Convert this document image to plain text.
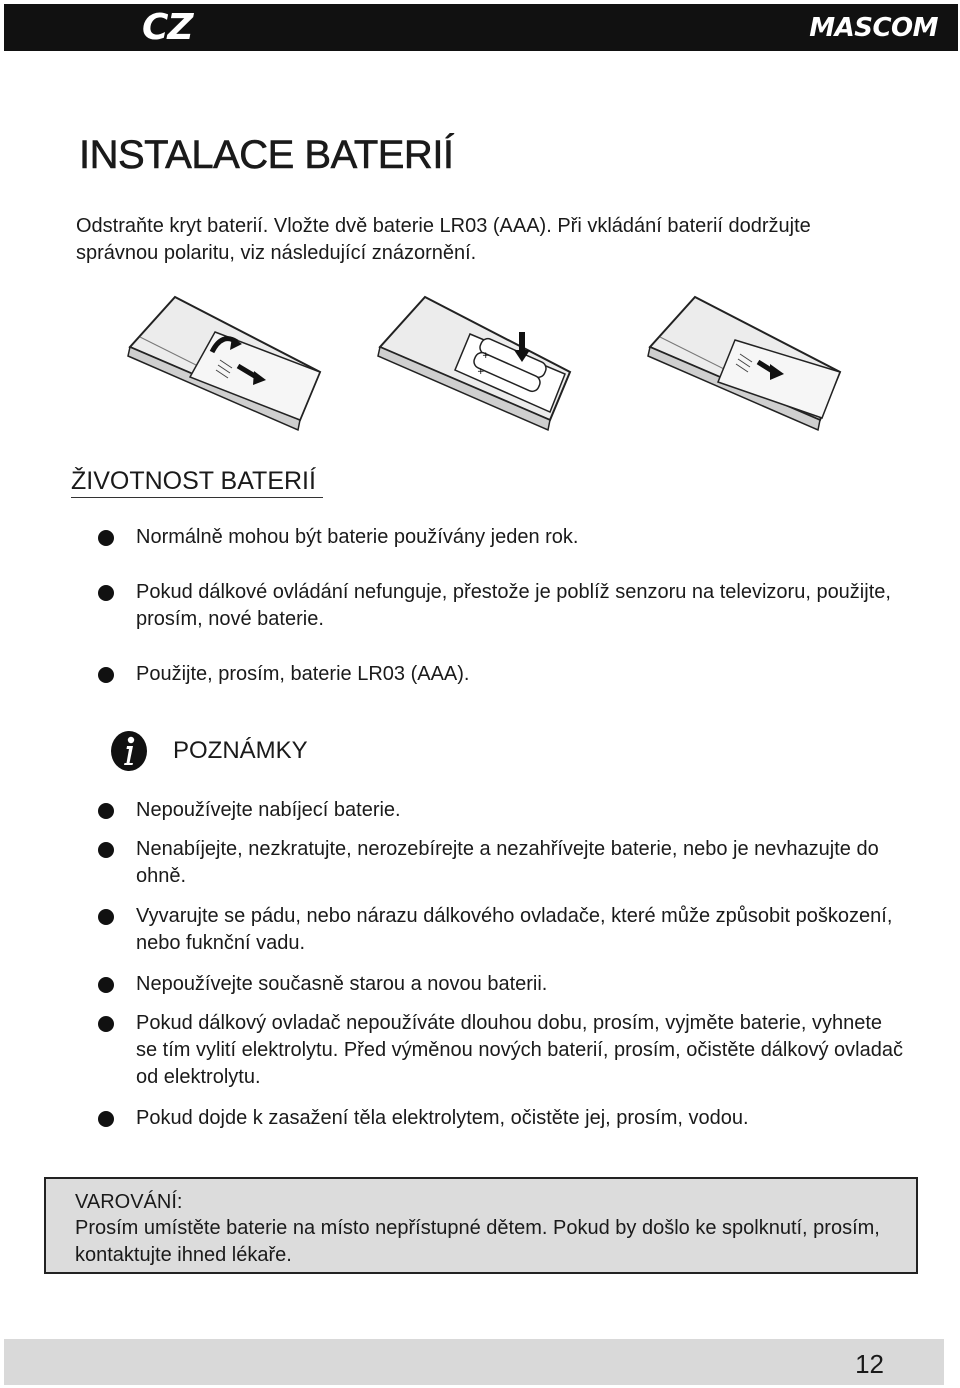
CZ	MASCOM
INSTALACE BATERIÍ
Odstraňte kryt baterií. Vložte dvě baterie LR03 (AAA). Při vkládání baterií dodržujte správnou polaritu, viz následující znázornění.
+
+
ŽIVOTNOST BATERIÍ
Normálně mohou být baterie používány jeden rok.
Pokud dálkové ovládání nefunguje, přestože je poblíž senzoru na televizoru, použijte, prosím, nové baterie.
Použijte, prosím, baterie LR03 (AAA).
POZNÁMKY
Nepoužívejte nabíjecí baterie.
Nenabíjejte, nezkratujte, nerozebírejte a nezahřívejte baterie, nebo je nevhazujte do ohně.
Vyvarujte se pádu, nebo nárazu dálkového ovladače, které může způsobit poškození, nebo fuknční vadu.
Nepoužívejte současně starou a novou baterii.
Pokud dálkový ovladač nepoužíváte dlouhou dobu, prosím, vyjměte baterie, vyhnete se tím vylití elektrolytu. Před výměnou nových baterií, prosím, očistěte dálkový ovladač od elektrolytu.
Pokud dojde k zasažení těla elektrolytem, očistěte jej, prosím, vodou.
VAROVÁNÍ:
Prosím umístěte baterie na místo nepřístupné dětem. Pokud by došlo ke spolknutí, prosím, kontaktujte ihned lékaře.
12
